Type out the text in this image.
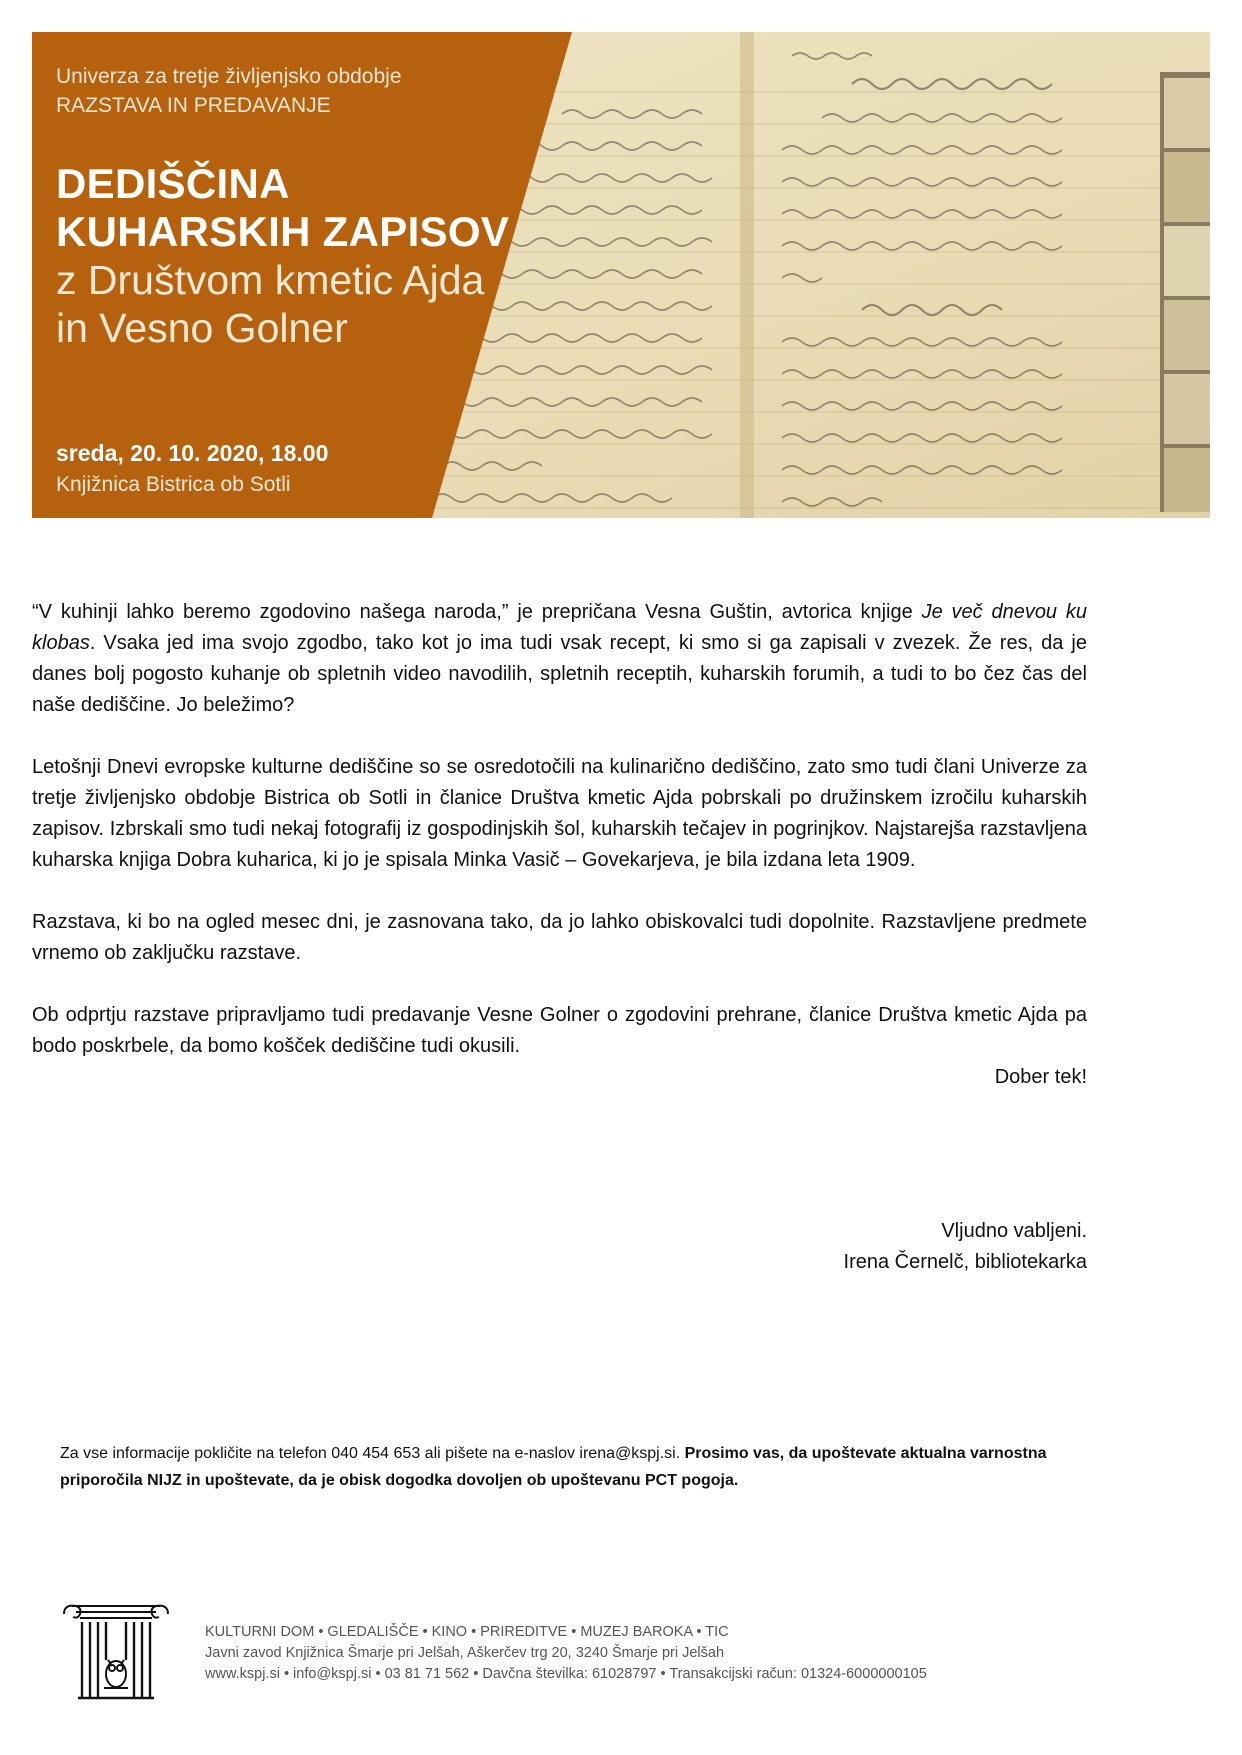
Univerza za tretje življenjsko obdobje
RAZSTAVA IN PREDAVANJE
DEDIŠČINA
KUHARSKIH ZAPISOV
z Društvom kmetic Ajda
in Vesno Golner
sreda, 20. 10. 2020, 18.00
Knjižnica Bistrica ob Sotli

“V kuhinji lahko beremo zgodovino našega naroda,” je prepričana Vesna Guštin, avtorica knjige Je več dnevou ku klobas. Vsaka jed ima svojo zgodbo, tako kot jo ima tudi vsak recept, ki smo si ga zapisali v zvezek. Že res, da je danes bolj pogosto kuhanje ob spletnih video navodilih, spletnih receptih, kuharskih forumih, a tudi to bo čez čas del naše dediščine. Jo beležimo?

Letošnji Dnevi evropske kulturne dediščine so se osredotočili na kulinarično dediščino, zato smo tudi člani Univerze za tretje življenjsko obdobje Bistrica ob Sotli in članice Društva kmetic Ajda pobrskali po družinskem izročilu kuharskih zapisov. Izbrskali smo tudi nekaj fotografij iz gospodinjskih šol, kuharskih tečajev in pogrinjkov. Najstarejša razstavljena kuharska knjiga Dobra kuharica, ki jo je spisala Minka Vasič – Govekarjeva, je bila izdana leta 1909.

Razstava, ki bo na ogled mesec dni, je zasnovana tako, da jo lahko obiskovalci tudi dopolnite. Razstavljene predmete vrnemo ob zaključku razstave.

Ob odprtju razstave pripravljamo tudi predavanje Vesne Golner o zgodovini prehrane, članice Društva kmetic Ajda pa bodo poskrbele, da bomo košček dediščine tudi okusili.

Dober tek!
Vljudno vabljeni.
Irena Černelč, bibliotekarka
Za vse informacije pokličite na telefon 040 454 653 ali pišete na e-naslov irena@kspj.si. Prosimo vas, da upoštevate aktualna varnostna priporočila NIJZ in upoštevate, da je obisk dogodka dovoljen ob upoštevanu PCT pogoja.
KULTURNI DOM • GLEDALIŠČE • KINO • PRIREDITVE • MUZEJ BAROKA • TIC
Javni zavod Knjižnica Šmarje pri Jelšah, Aškerčev trg 20, 3240 Šmarje pri Jelšah
www.kspj.si • info@kspj.si • 03 81 71 562 • Davčna številka: 61028797 • Transakcijski račun: 01324-6000000105
